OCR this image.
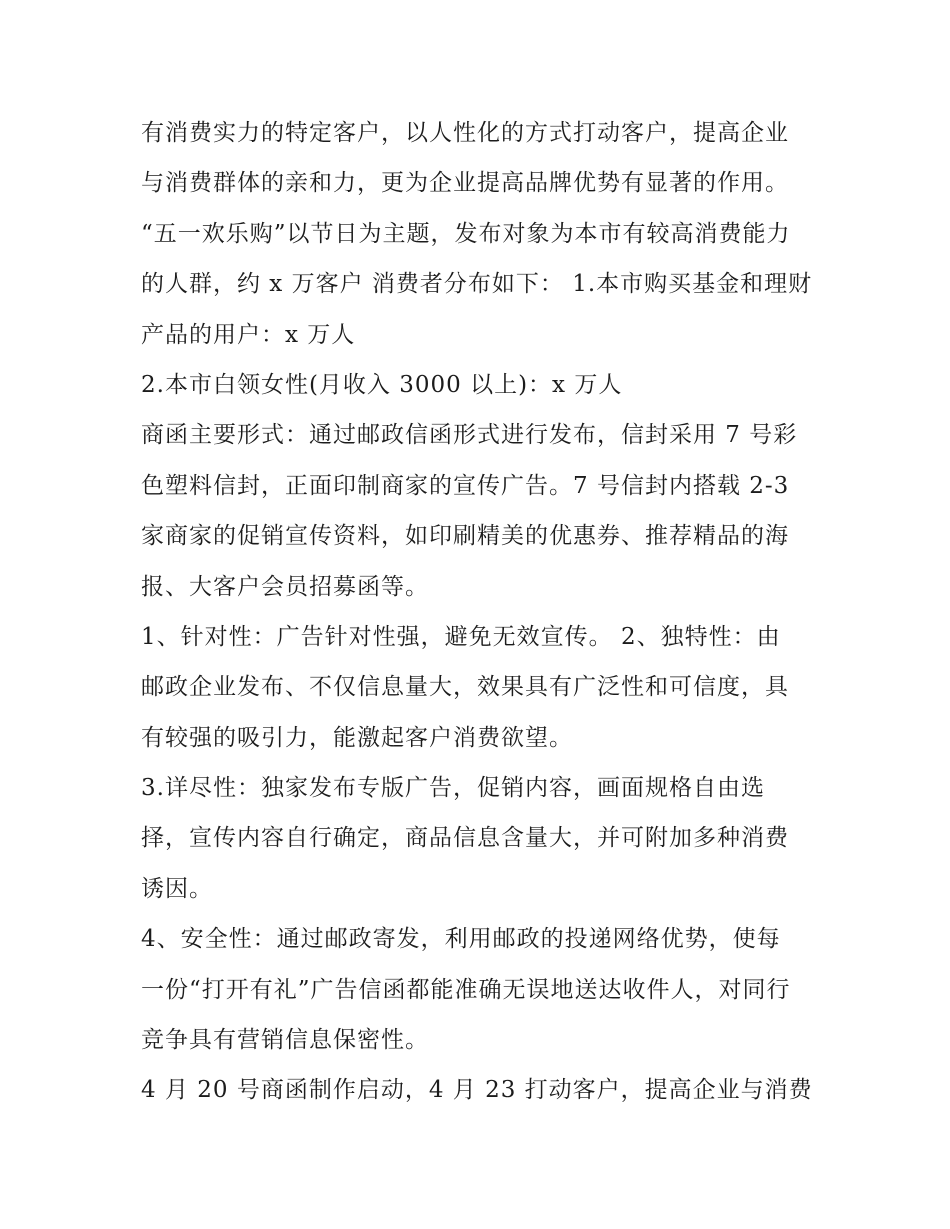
有消费实力的特定客户，以人性化的方式打动客户，提高企业

与消费群体的亲和力，更为企业提高品牌优势有显著的作用。

“五一欢乐购”以节日为主题，发布对象为本市有较高消费能力

的人群，约 x 万客户 消费者分布如下： 1.本市购买基金和理财

产品的用户：x 万人

2.本市白领女性(月收入 3000 以上)：x 万人

商函主要形式：通过邮政信函形式进行发布，信封采用 7 号彩

色塑料信封，正面印制商家的宣传广告。7 号信封内搭载 2-3

家商家的促销宣传资料，如印刷精美的优惠券、推荐精品的海

报、大客户会员招募函等。

1、针对性：广告针对性强，避免无效宣传。 2、独特性：由

邮政企业发布、不仅信息量大，效果具有广泛性和可信度，具

有较强的吸引力，能激起客户消费欲望。

3.详尽性：独家发布专版广告，促销内容，画面规格自由选

择，宣传内容自行确定，商品信息含量大，并可附加多种消费

诱因。

4、安全性：通过邮政寄发，利用邮政的投递网络优势，使每

一份“打开有礼”广告信函都能准确无误地送达收件人，对同行

竞争具有营销信息保密性。

4 月 20 号商函制作启动，4 月 23 打动客户，提高企业与消费
